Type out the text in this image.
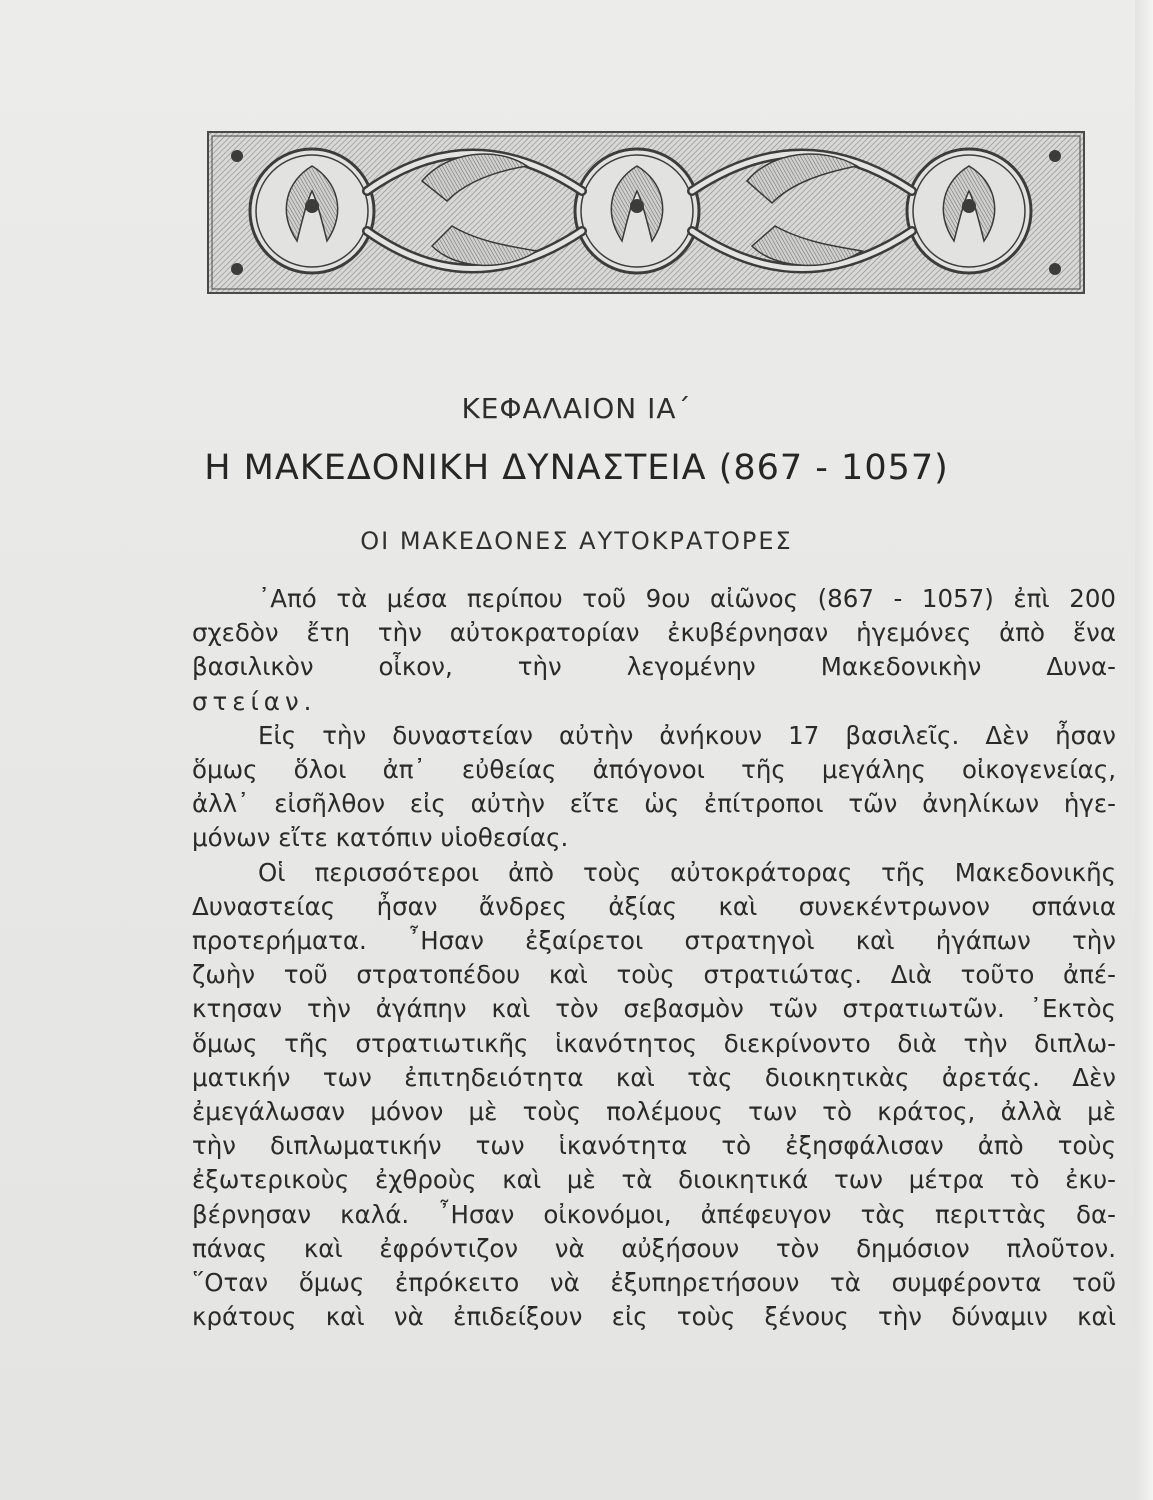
ΚΕΦΑΛΑΙΟΝ ΙΑ΄
Η ΜΑΚΕΔΟΝΙΚΗ ΔΥΝΑΣΤΕΙΑ (867 - 1057)
ΟΙ ΜΑΚΕΔΟΝΕΣ ΑΥΤΟΚΡΑΤΟΡΕΣ
᾿Από τὰ μέσα περίπου τοῦ 9ου αἰῶνος (867 - 1057) ἐπὶ 200
σχεδὸν ἔτη τὴν αὐτοκρατορίαν ἐκυβέρνησαν ἡγεμόνες ἀπὸ ἕνα
βασιλικὸν οἶκον, τὴν λεγομένην Μακεδονικὴν Δυνα-
στείαν.
Εἰς τὴν δυναστείαν αὐτὴν ἀνήκουν 17 βασιλεῖς. Δὲν ἦσαν
ὅμως ὅλοι ἀπ᾿ εὐθείας ἀπόγονοι τῆς μεγάλης οἰκογενείας,
ἀλλ᾿ εἰσῆλθον εἰς αὐτὴν εἴτε ὡς ἐπίτροποι τῶν ἀνηλίκων ἡγε-
μόνων εἴτε κατόπιν υἱοθεσίας.
Οἱ περισσότεροι ἀπὸ τοὺς αὐτοκράτορας τῆς Μακεδονικῆς
Δυναστείας ἦσαν ἄνδρες ἀξίας καὶ συνεκέντρωνον σπάνια
προτερήματα. ῏Ησαν ἐξαίρετοι στρατηγοὶ καὶ ἠγάπων τὴν
ζωὴν τοῦ στρατοπέδου καὶ τοὺς στρατιώτας. Διὰ τοῦτο ἀπέ-
κτησαν τὴν ἀγάπην καὶ τὸν σεβασμὸν τῶν στρατιωτῶν. ᾿Εκτὸς
ὅμως τῆς στρατιωτικῆς ἱκανότητος διεκρίνοντο διὰ τὴν διπλω-
ματικήν των ἐπιτηδειότητα καὶ τὰς διοικητικὰς ἀρετάς. Δὲν
ἐμεγάλωσαν μόνον μὲ τοὺς πολέμους των τὸ κράτος, ἀλλὰ μὲ
τὴν διπλωματικήν των ἱκανότητα τὸ ἐξησφάλισαν ἀπὸ τοὺς
ἐξωτερικοὺς ἐχθροὺς καὶ μὲ τὰ διοικητικά των μέτρα τὸ ἐκυ-
βέρνησαν καλά. ῏Ησαν οἰκονόμοι, ἀπέφευγον τὰς περιττὰς δα-
πάνας καὶ ἐφρόντιζον νὰ αὐξήσουν τὸν δημόσιον πλοῦτον.
῞Οταν ὅμως ἐπρόκειτο νὰ ἐξυπηρετήσουν τὰ συμφέροντα τοῦ
κράτους καὶ νὰ ἐπιδείξουν εἰς τοὺς ξένους τὴν δύναμιν καὶ
